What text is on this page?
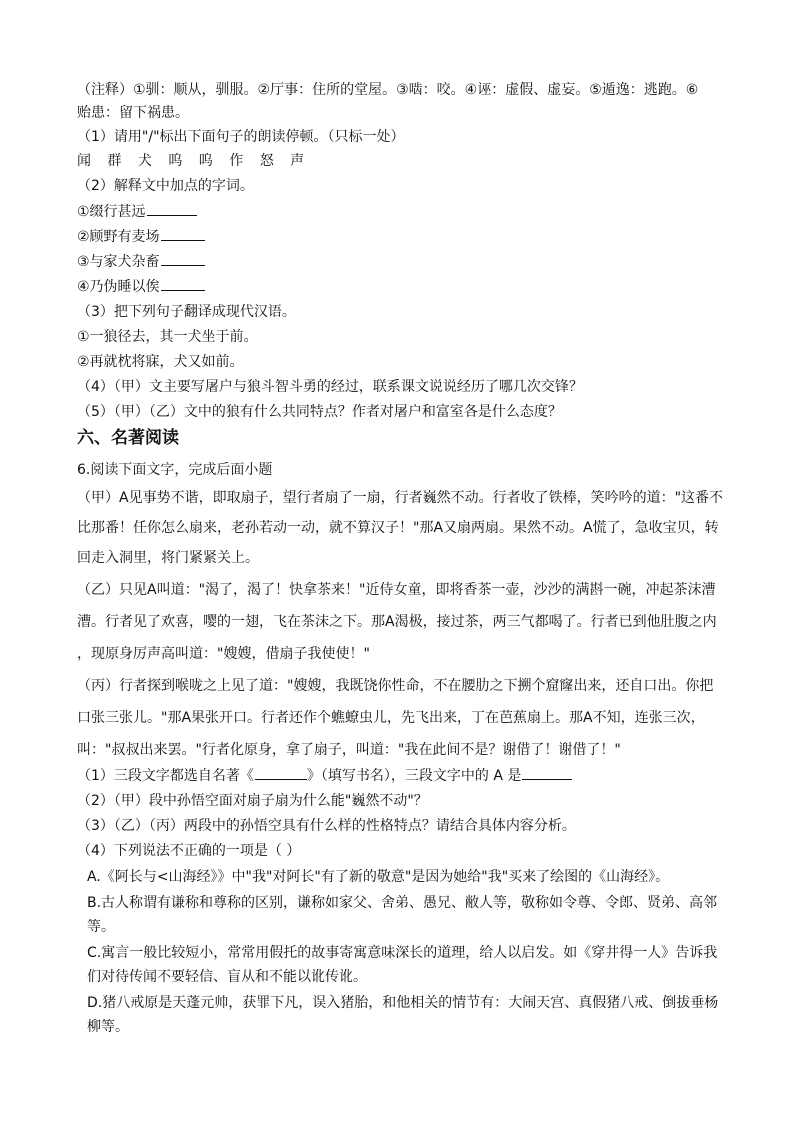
（注释）①驯：顺从，驯服。②厅事：住所的堂屋。③啮：咬。④诬：虚假、虚妄。⑤遁逸：逃跑。⑥
贻患：留下祸患。
（1）请用"/"标出下面句子的朗读停顿。（只标一处）
闻 群 犬 呜 呜 作 怒 声
（2）解释文中加点的字词。
①缀行甚远
②顾野有麦场
③与家犬杂畜
④乃伪睡以俟
（3）把下列句子翻译成现代汉语。
①一狼径去，其一犬坐于前。
②再就枕将寐，犬又如前。
（4）（甲）文主要写屠户与狼斗智斗勇的经过，联系课文说说经历了哪几次交锋？
（5）（甲）（乙）文中的狼有什么共同特点？作者对屠户和富室各是什么态度？
六、名著阅读
6.阅读下面文字，完成后面小题
（甲）A见事势不谐，即取扇子，望行者扇了一扇，行者巍然不动。行者收了铁棒，笑吟吟的道："这番不
比那番！任你怎么扇来，老孙若动一动，就不算汉子！"那A又扇两扇。果然不动。A慌了，急收宝贝，转
回走入洞里，将门紧紧关上。
（乙）只见A叫道："渴了，渴了！快拿茶来！"近侍女童，即将香茶一壶，沙沙的满斟一碗，冲起茶沫漕
漕。行者见了欢喜，嘤的一翅，飞在茶沫之下。那A渴极，接过茶，两三气都喝了。行者已到他肚腹之内
，现原身厉声高叫道："嫂嫂，借扇子我使使！"
（丙）行者探到喉咙之上见了道："嫂嫂，我既饶你性命，不在腰肋之下搠个窟窿出来，还自口出。你把
口张三张儿。"那A果张开口。行者还作个蟭蟟虫儿，先飞出来，丁在芭蕉扇上。那A不知，连张三次，
叫："叔叔出来罢。"行者化原身，拿了扇子，叫道："我在此间不是？谢借了！谢借了！"
（1）三段文字都选自名著《	》（填写书名），三段文字中的 A 是
（2）（甲）段中孙悟空面对扇子扇为什么能"巍然不动"？
（3）（乙）（丙）两段中的孙悟空具有什么样的性格特点？请结合具体内容分析。
（4）下列说法不正确的一项是（ ）
A.《阿长与<山海经》》中"我"对阿长"有了新的敬意"是因为她给"我"买来了绘图的《山海经》。
B.古人称谓有谦称和尊称的区别，谦称如家父、舍弟、愚兄、敝人等，敬称如令尊、令郎、贤弟、高邻
等。
C.寓言一般比较短小，常常用假托的故事寄寓意味深长的道理，给人以启发。如《穿井得一人》告诉我
们对待传闻不要轻信、盲从和不能以讹传讹。
D.猪八戒原是天蓬元帅，获罪下凡，误入猪胎，和他相关的情节有：大闹天宫、真假猪八戒、倒拔垂杨
柳等。
